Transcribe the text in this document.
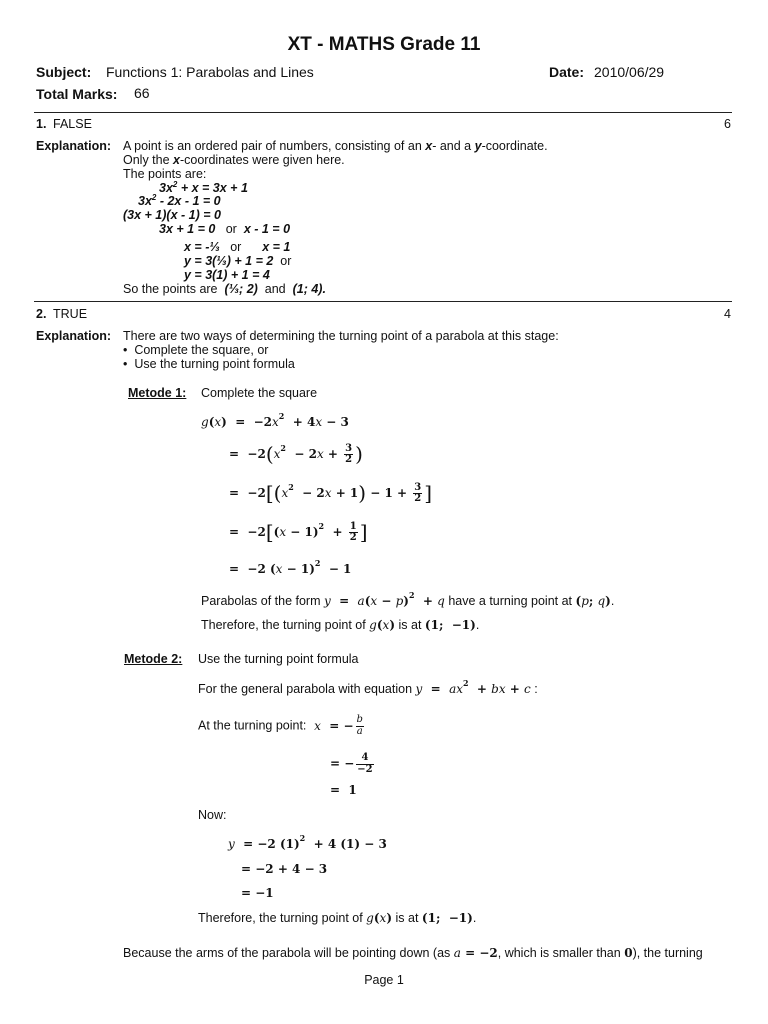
XT - MATHS Grade 11
Subject: Functions 1: Parabolas and Lines	Date: 2010/06/29
Total Marks: 66
1. FALSE	6
Explanation: A point is an ordered pair of numbers, consisting of an x- and a y-coordinate.
Only the x-coordinates were given here.
The points are:
$3x^2 + x = 3x + 1$
$3x^2 - 2x - 1 = 0$
(3x + 1)(x - 1) = 0
3x + 1 = 0 or x - 1 = 0
x = -⅓ or x = 1
y = 3(⅓) + 1 = 2 or
y = 3(1) + 1 = 4
So the points are (⅓; 2) and (1; 4).
2. TRUE	4
Explanation: There are two ways of determining the turning point of a parabola at this stage:
•  Complete the square, or
•  Use the turning point formula
Metode 1: Complete the square
$g(x) = -2x^2 + 4x - 3$
=  $-2(x^2 - 2x + \frac{3}{2}$ )
=  $-2[(x^2 - 2x + 1) - 1 + \frac{3}{2}$ ]
=  $-2[(x - 1)^2 + \frac{1}{2}$ ]
=  −2 $(x - 1)^2 - 1$
Parabolas of the form $y = a(x - p)^2 + q$ have a turning point at (p; q).
Therefore, the turning point of g(x) is at (1;  −1).
Metode 2: Use the turning point formula
For the general parabola with equation $y = ax^2$  + bx + c :
At the turning point: x  = − $\frac{b}{a}$
= − $\frac{4}{-2}$
=  1
Now:
y  = −2 $(1)^2 + 4$ (1) − 3
= −2 + 4 − 3
= −1
Therefore, the turning point of g(x) is at (1;  −1).
Because the arms of the parabola will be pointing down (as a = −2, which is smaller than 0), the turning
Page 1
